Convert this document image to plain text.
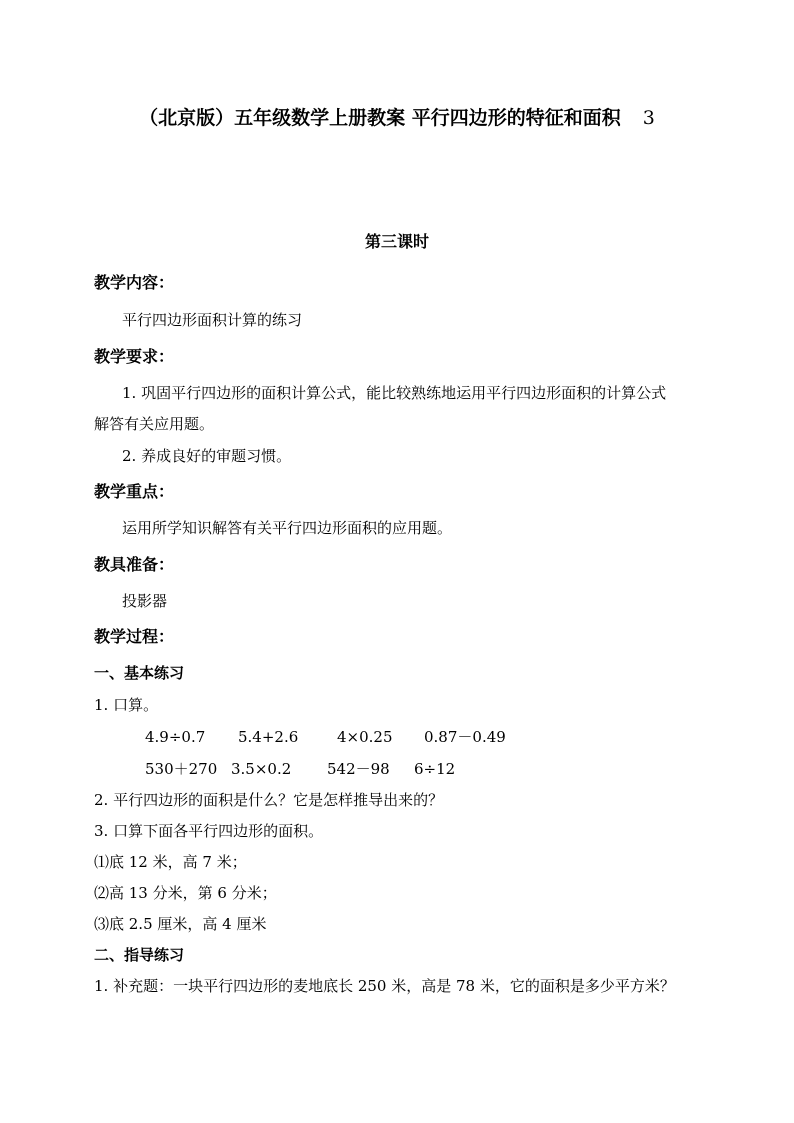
（北京版）五年级数学上册教案 平行四边形的特征和面积 3
第三课时

教学内容：

平行四边形面积计算的练习

教学要求：

1. 巩固平行四边形的面积计算公式，能比较熟练地运用平行四边形面积的计算公式

解答有关应用题。

2. 养成良好的审题习惯。

教学重点：

运用所学知识解答有关平行四边形面积的应用题。

教具准备：

投影器

教学过程：

一、基本练习

1. 口算。

4.9÷0.7 5.4+2.6	4×0.25 0.87－0.49
530＋270 3.5×0.2 542－98 6÷12

2. 平行四边形的面积是什么？它是怎样推导出来的？

3. 口算下面各平行四边形的面积。

⑴底 12 米，高 7 米；

⑵高 13 分米，第 6 分米；

⑶底 2.5 厘米，高 4 厘米

二、指导练习

1. 补充题：一块平行四边形的麦地底长 250 米，高是 78 米，它的面积是多少平方米？
